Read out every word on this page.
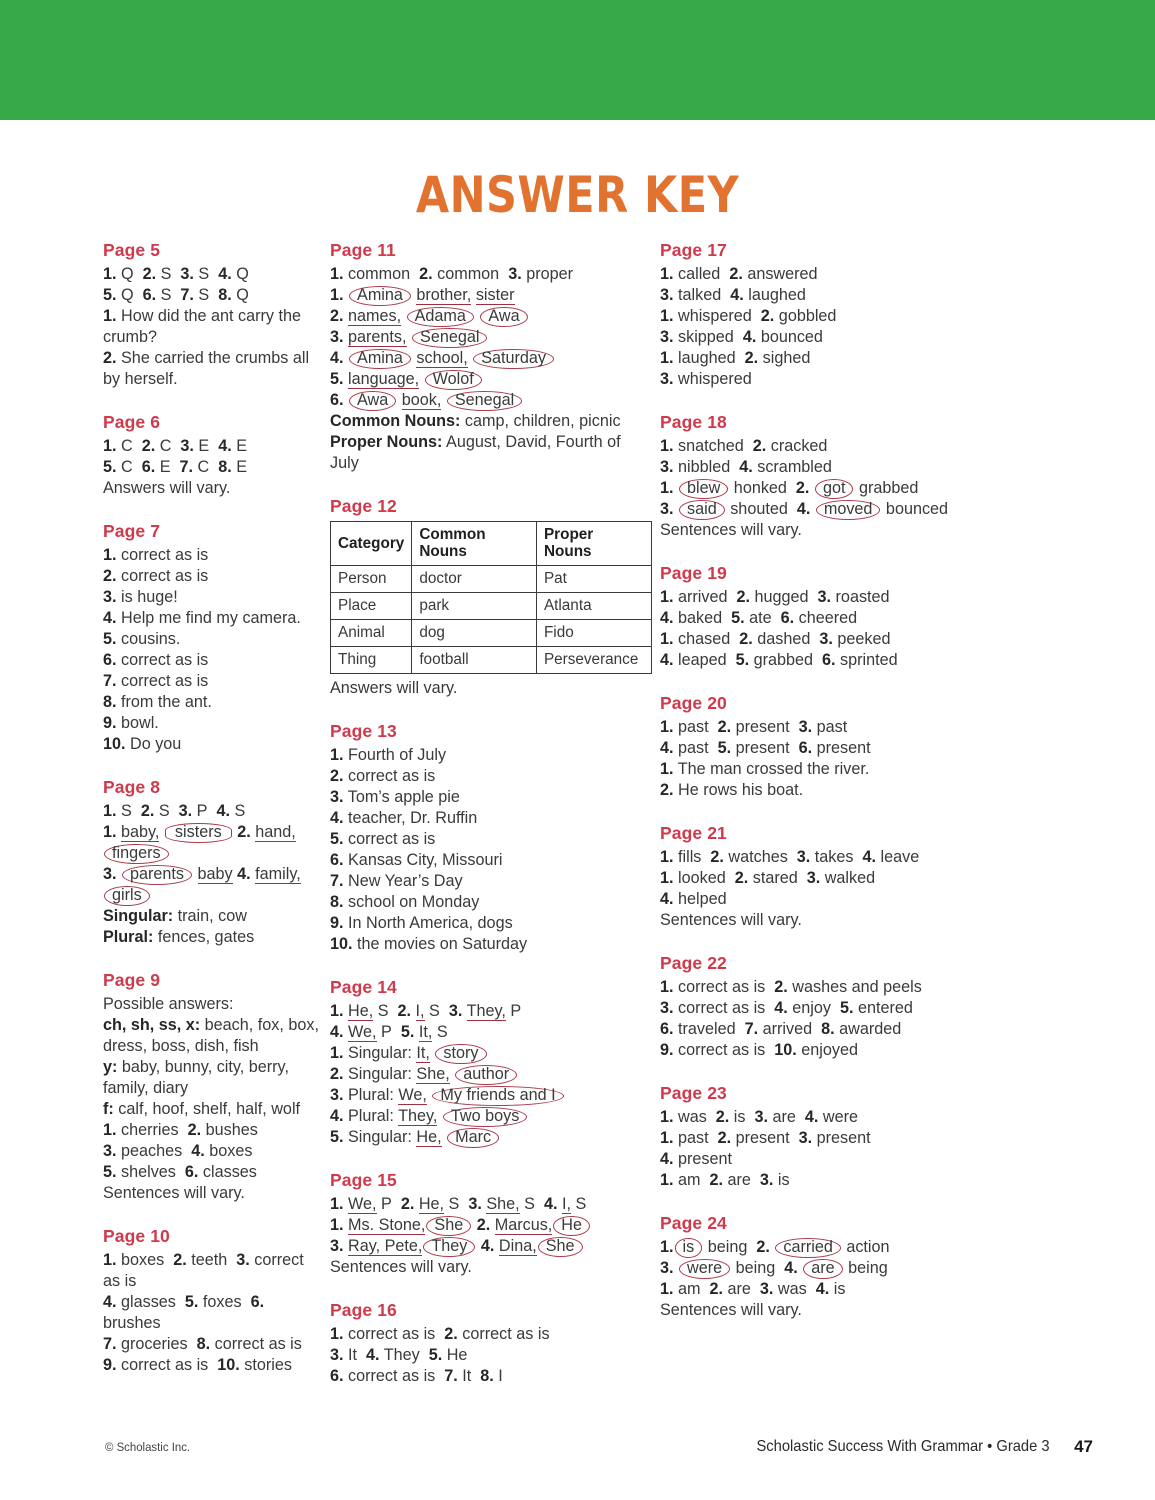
ANSWER KEY
Page 5
1. Q  2. S  3. S  4. Q
5. Q  6. S  7. S  8. Q
1. How did the ant carry the crumb?
2. She carried the crumbs all by herself.
Page 6
1. C  2. C  3. E  4. E
5. C  6. E  7. C  8. E
Answers will vary.
Page 7
1. correct as is
2. correct as is
3. is huge!
4. Help me find my camera.
5. cousins.
6. correct as is
7. correct as is
8. from the ant.
9. bowl.
10. Do you
Page 8
1. S  2. S  3. P  4. S
1. baby, sisters 2. hand, fingers
3. parents baby 4. family, girls
Singular: train, cow
Plural: fences, gates
Page 9
Possible answers:
ch, sh, ss, x: beach, fox, box, dress, boss, dish, fish
y: baby, bunny, city, berry, family, diary
f: calf, hoof, shelf, half, wolf
1. cherries  2. bushes
3. peaches  4. boxes
5. shelves  6. classes
Sentences will vary.
Page 10
1. boxes  2. teeth  3. correct as is
4. glasses  5. foxes  6. brushes
7. groceries  8. correct as is
9. correct as is  10. stories
Page 11
1. common  2. common  3. proper
1. Amina brother, sister
2. names, Adama Awa
3. parents, Senegal
4. Amina school, Saturday
5. language, Wolof
6. Awa book, Senegal
Common Nouns: camp, children, picnic
Proper Nouns: August, David, Fourth of July
Page 12
Category	Common Nouns	Proper Nouns
Person	doctor	Pat
Place	park	Atlanta
Animal	dog	Fido
Thing	football	Perseverance
Answers will vary.
Page 13
1. Fourth of July
2. correct as is
3. Tom’s apple pie
4. teacher, Dr. Ruffin
5. correct as is
6. Kansas City, Missouri
7. New Year’s Day
8. school on Monday
9. In North America, dogs
10. the movies on Saturday
Page 14
1. He, S  2. I, S  3. They, P
4. We, P  5. It, S
1. Singular: It, story
2. Singular: She, author
3. Plural: We, My friends and I
4. Plural: They, Two boys
5. Singular: He, Marc
Page 15
1. We, P  2. He, S  3. She, S  4. I, S
1. Ms. Stone, She 2. Marcus, He
3. Ray, Pete, They 4. Dina, She
Sentences will vary.
Page 16
1. correct as is  2. correct as is
3. It  4. They  5. He
6. correct as is  7. It  8. I
Page 17
1. called  2. answered
3. talked  4. laughed
1. whispered  2. gobbled
3. skipped  4. bounced
1. laughed  2. sighed
3. whispered
Page 18
1. snatched  2. cracked
3. nibbled  4. scrambled
1. blew honked  2. got grabbed
3. said shouted  4. moved bounced
Sentences will vary.
Page 19
1. arrived  2. hugged  3. roasted
4. baked  5. ate  6. cheered
1. chased  2. dashed  3. peeked
4. leaped  5. grabbed  6. sprinted
Page 20
1. past  2. present  3. past
4. past  5. present  6. present
1. The man crossed the river.
2. He rows his boat.
Page 21
1. fills  2. watches  3. takes  4. leave
1. looked  2. stared  3. walked
4. helped
Sentences will vary.
Page 22
1. correct as is  2. washes and peels
3. correct as is  4. enjoy  5. entered
6. traveled  7. arrived  8. awarded
9. correct as is  10. enjoyed
Page 23
1. was  2. is  3. are  4. were
1. past  2. present  3. present
4. present
1. am  2. are  3. is
Page 24
1. is being  2. carried action
3. were being  4. are being
1. am  2. are  3. was  4. is
Sentences will vary.
© Scholastic Inc.	Scholastic Success With Grammar • Grade 3 47
